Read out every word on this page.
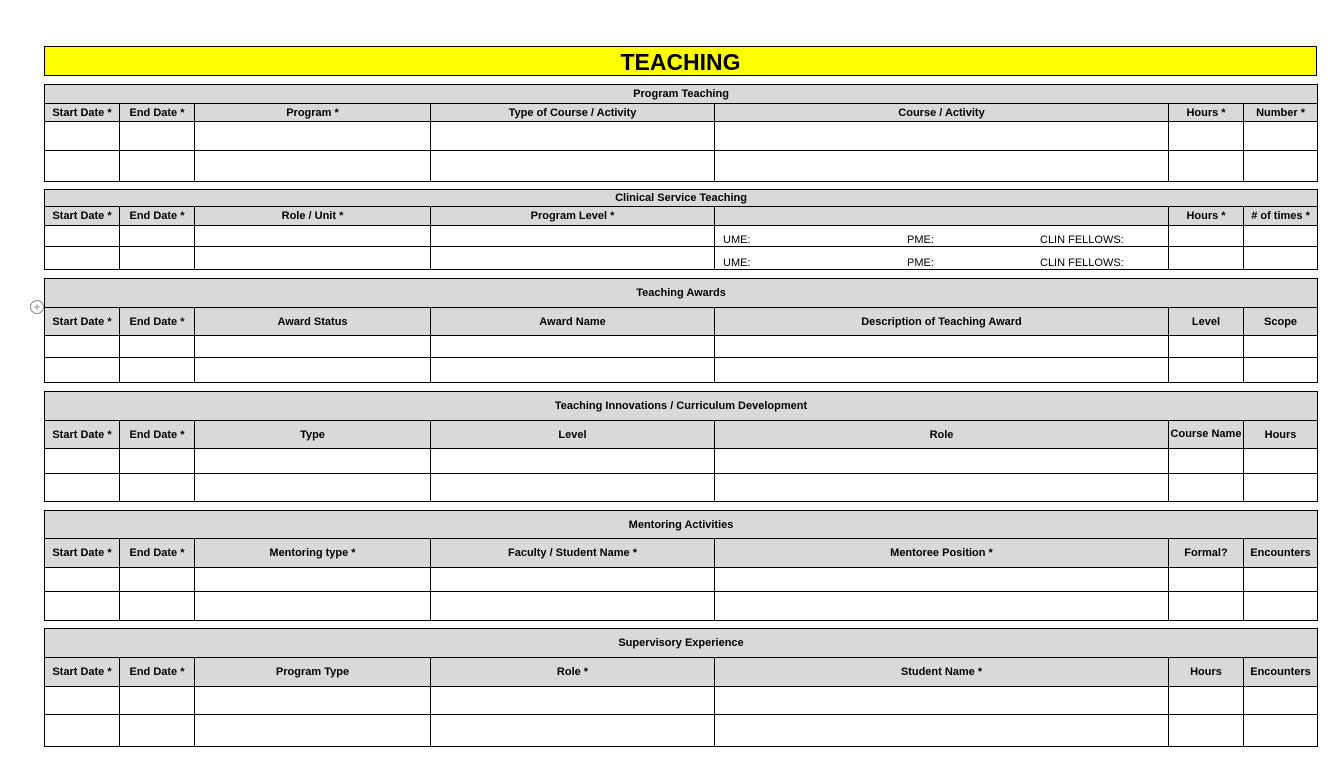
TEACHING
+
Program Teaching						
Start Date *	End Date *	Program *	Type of Course / Activity	Course / Activity	Hours *	Number *

Clinical Service Teaching						
Start Date *	End Date *	Role / Unit *	Program Level *		Hours *	# of times *

				UME: PME: CLIN FELLOWS:		

				UME: PME: CLIN FELLOWS:		

Teaching Awards						
Start Date *	End Date *	Award Status	Award Name	Description of Teaching Award	Level	Scope

Teaching Innovations / Curriculum Development						
Start Date *	End Date *	Type	Level	Role	Course Name	Hours

Mentoring Activities						
Start Date *	End Date *	Mentoring type *	Faculty / Student Name *	Mentoree Position *	Formal?	Encounters

Supervisory Experience						
Start Date *	End Date *	Program Type	Role *	Student Name *	Hours	Encounters
